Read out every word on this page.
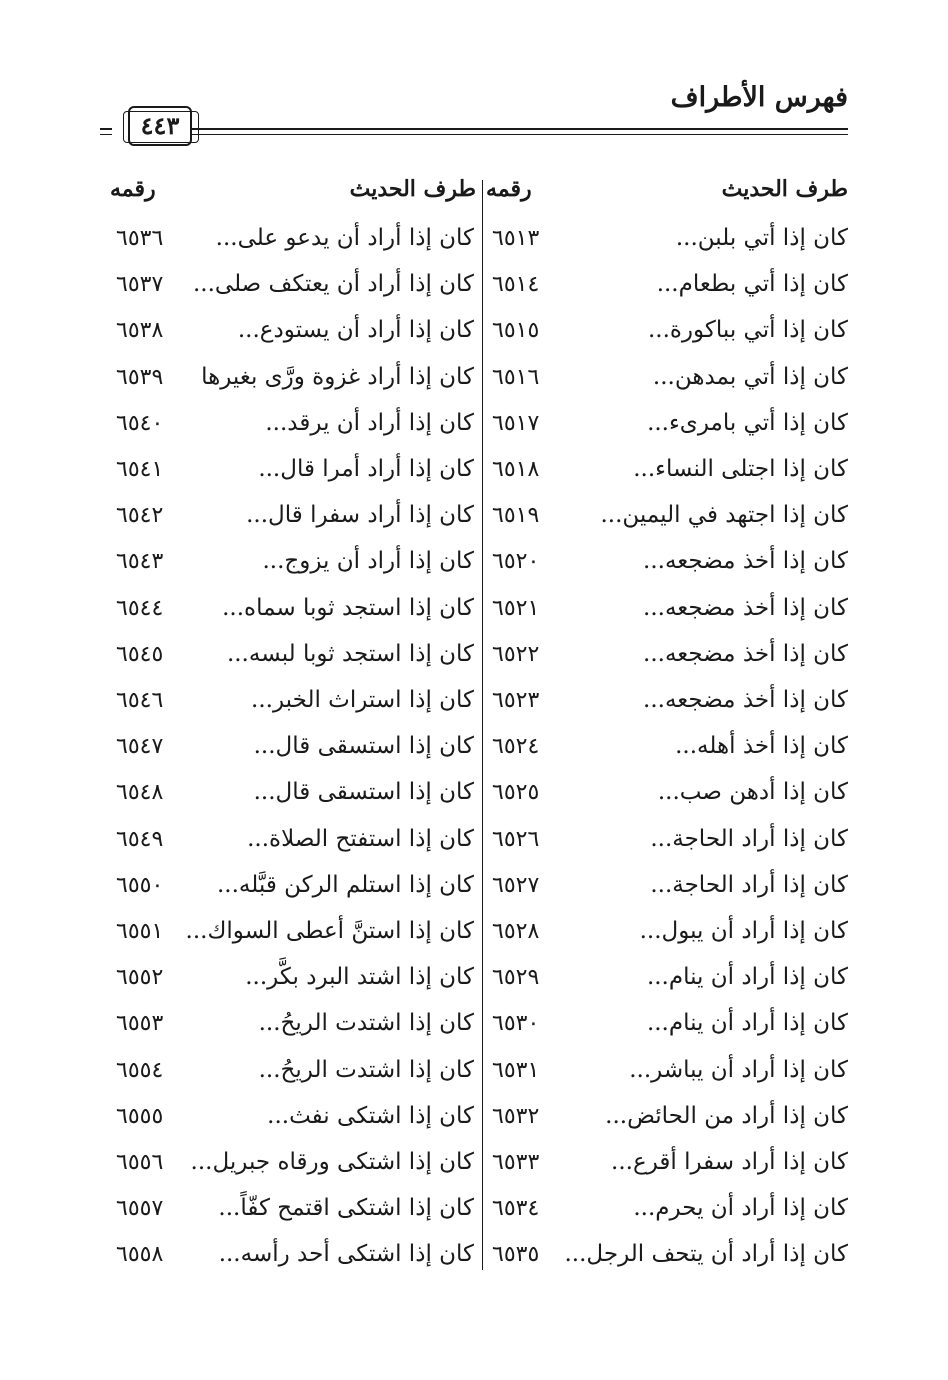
فهرس الأطراف
٤٤٣
طرف الحديث
رقمه
طرف الحديث
رقمه
كان إذا أتي بلبن...
٦٥١٣
كان إذا أتي بطعام...
٦٥١٤
كان إذا أتي بباكورة...
٦٥١٥
كان إذا أتي بمدهن...
٦٥١٦
كان إذا أتي بامرىء...
٦٥١٧
كان إذا اجتلى النساء...
٦٥١٨
كان إذا اجتهد في اليمين...
٦٥١٩
كان إذا أخذ مضجعه...
٦٥٢٠
كان إذا أخذ مضجعه...
٦٥٢١
كان إذا أخذ مضجعه...
٦٥٢٢
كان إذا أخذ مضجعه...
٦٥٢٣
كان إذا أخذ أهله...
٦٥٢٤
كان إذا أدهن صب...
٦٥٢٥
كان إذا أراد الحاجة...
٦٥٢٦
كان إذا أراد الحاجة...
٦٥٢٧
كان إذا أراد أن يبول...
٦٥٢٨
كان إذا أراد أن ينام...
٦٥٢٩
كان إذا أراد أن ينام...
٦٥٣٠
كان إذا أراد أن يباشر...
٦٥٣١
كان إذا أراد من الحائض...
٦٥٣٢
كان إذا أراد سفرا أقرع...
٦٥٣٣
كان إذا أراد أن يحرم...
٦٥٣٤
كان إذا أراد أن يتحف الرجل...
٦٥٣٥
كان إذا أراد أن يدعو على...
٦٥٣٦
كان إذا أراد أن يعتكف صلى...
٦٥٣٧
كان إذا أراد أن يستودع...
٦٥٣٨
كان إذا أراد غزوة ورَّى بغيرها
٦٥٣٩
كان إذا أراد أن يرقد...
٦٥٤٠
كان إذا أراد أمرا قال...
٦٥٤١
كان إذا أراد سفرا قال...
٦٥٤٢
كان إذا أراد أن يزوج...
٦٥٤٣
كان إذا استجد ثوبا سماه...
٦٥٤٤
كان إذا استجد ثوبا لبسه...
٦٥٤٥
كان إذا استراث الخبر...
٦٥٤٦
كان إذا استسقى قال...
٦٥٤٧
كان إذا استسقى قال...
٦٥٤٨
كان إذا استفتح الصلاة...
٦٥٤٩
كان إذا استلم الركن قبَّله...
٦٥٥٠
كان إذا استنَّ أعطى السواك...
٦٥٥١
كان إذا اشتد البرد بكَّر...
٦٥٥٢
كان إذا اشتدت الريحُ...
٦٥٥٣
كان إذا اشتدت الريحُ...
٦٥٥٤
كان إذا اشتكى نفث...
٦٥٥٥
كان إذا اشتكى ورقاه جبريل...
٦٥٥٦
كان إذا اشتكى اقتمح كفّاً...
٦٥٥٧
كان إذا اشتكى أحد رأسه...
٦٥٥٨
